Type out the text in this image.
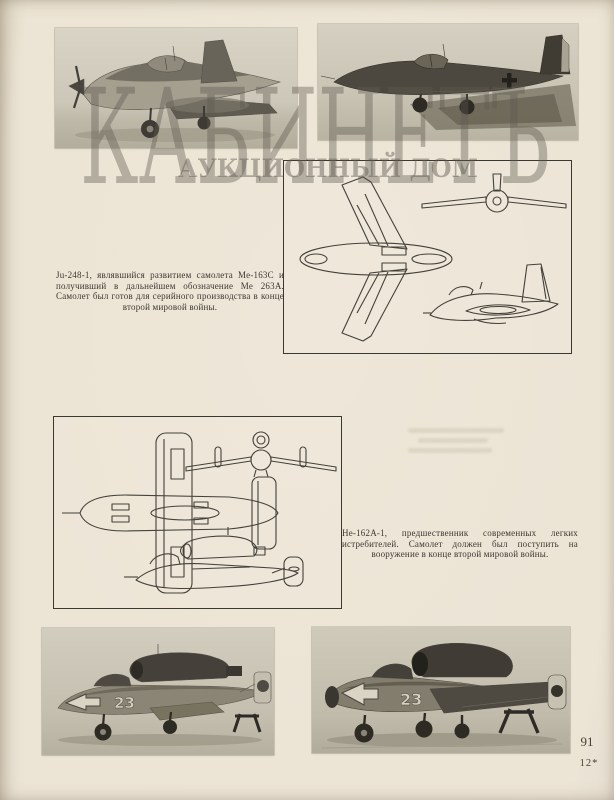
Ju-248-1, являвшийся развитием самолета Ме-163С и получивший в дальнейшем обозначение Ме 263А. Самолет был готов для серийного производства в конце второй мировой войны.
He-162A-1, предшественник современных легких истребителей. Самолет должен был поступить на вооружение в конце второй мировой войны.
23	23
КАБИНЕТЪ
АУКЦИОННЫЙ ДОМ
91
12*
